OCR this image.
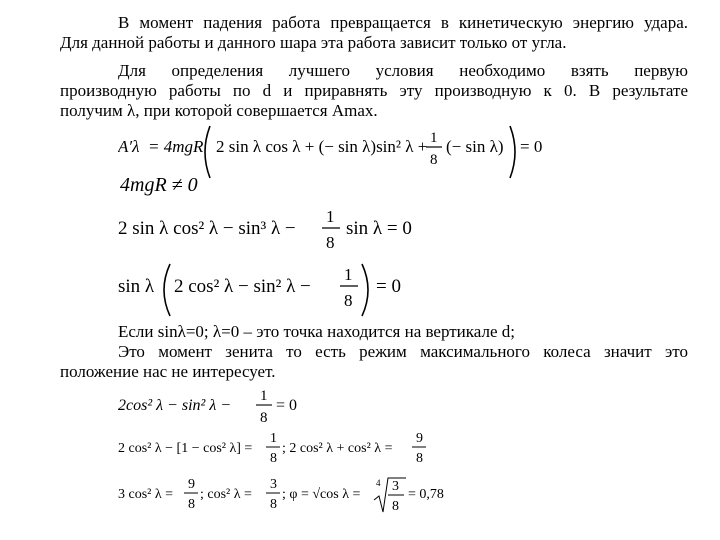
В момент падения работа превращается в кинетическую энергию удара.
Для данной работы и данного шара эта работа зависит только от угла.
Для определения лучшего условия необходимо взять первую
производную работы по d и приравнять эту производную к 0. В результате
получим λ, при которой совершается Аmax.
A′λ = 4mgR 2 sin λ cos λ + (− sin λ)sin² λ + 1
8
(− sin λ) = 0
4mgR ≠ 0
2 sin λ cos² λ − sin³ λ −
1
8
sin λ = 0
sin λ 2 cos² λ − sin² λ −
1
8
= 0
Если sinλ=0; λ=0 – это точка находится на вертикале d;
Это момент зенита то есть режим максимального колеса значит это
положение нас не интересует.
2cos² λ − sin² λ −
1
8
= 0
2 cos² λ − [1 − cos² λ] =
1
8
; 2 cos² λ + cos² λ =
9
8
3 cos² λ =
9
8
; cos² λ =
3
8
; φ = √cos λ =
4 3
8
= 0,78
